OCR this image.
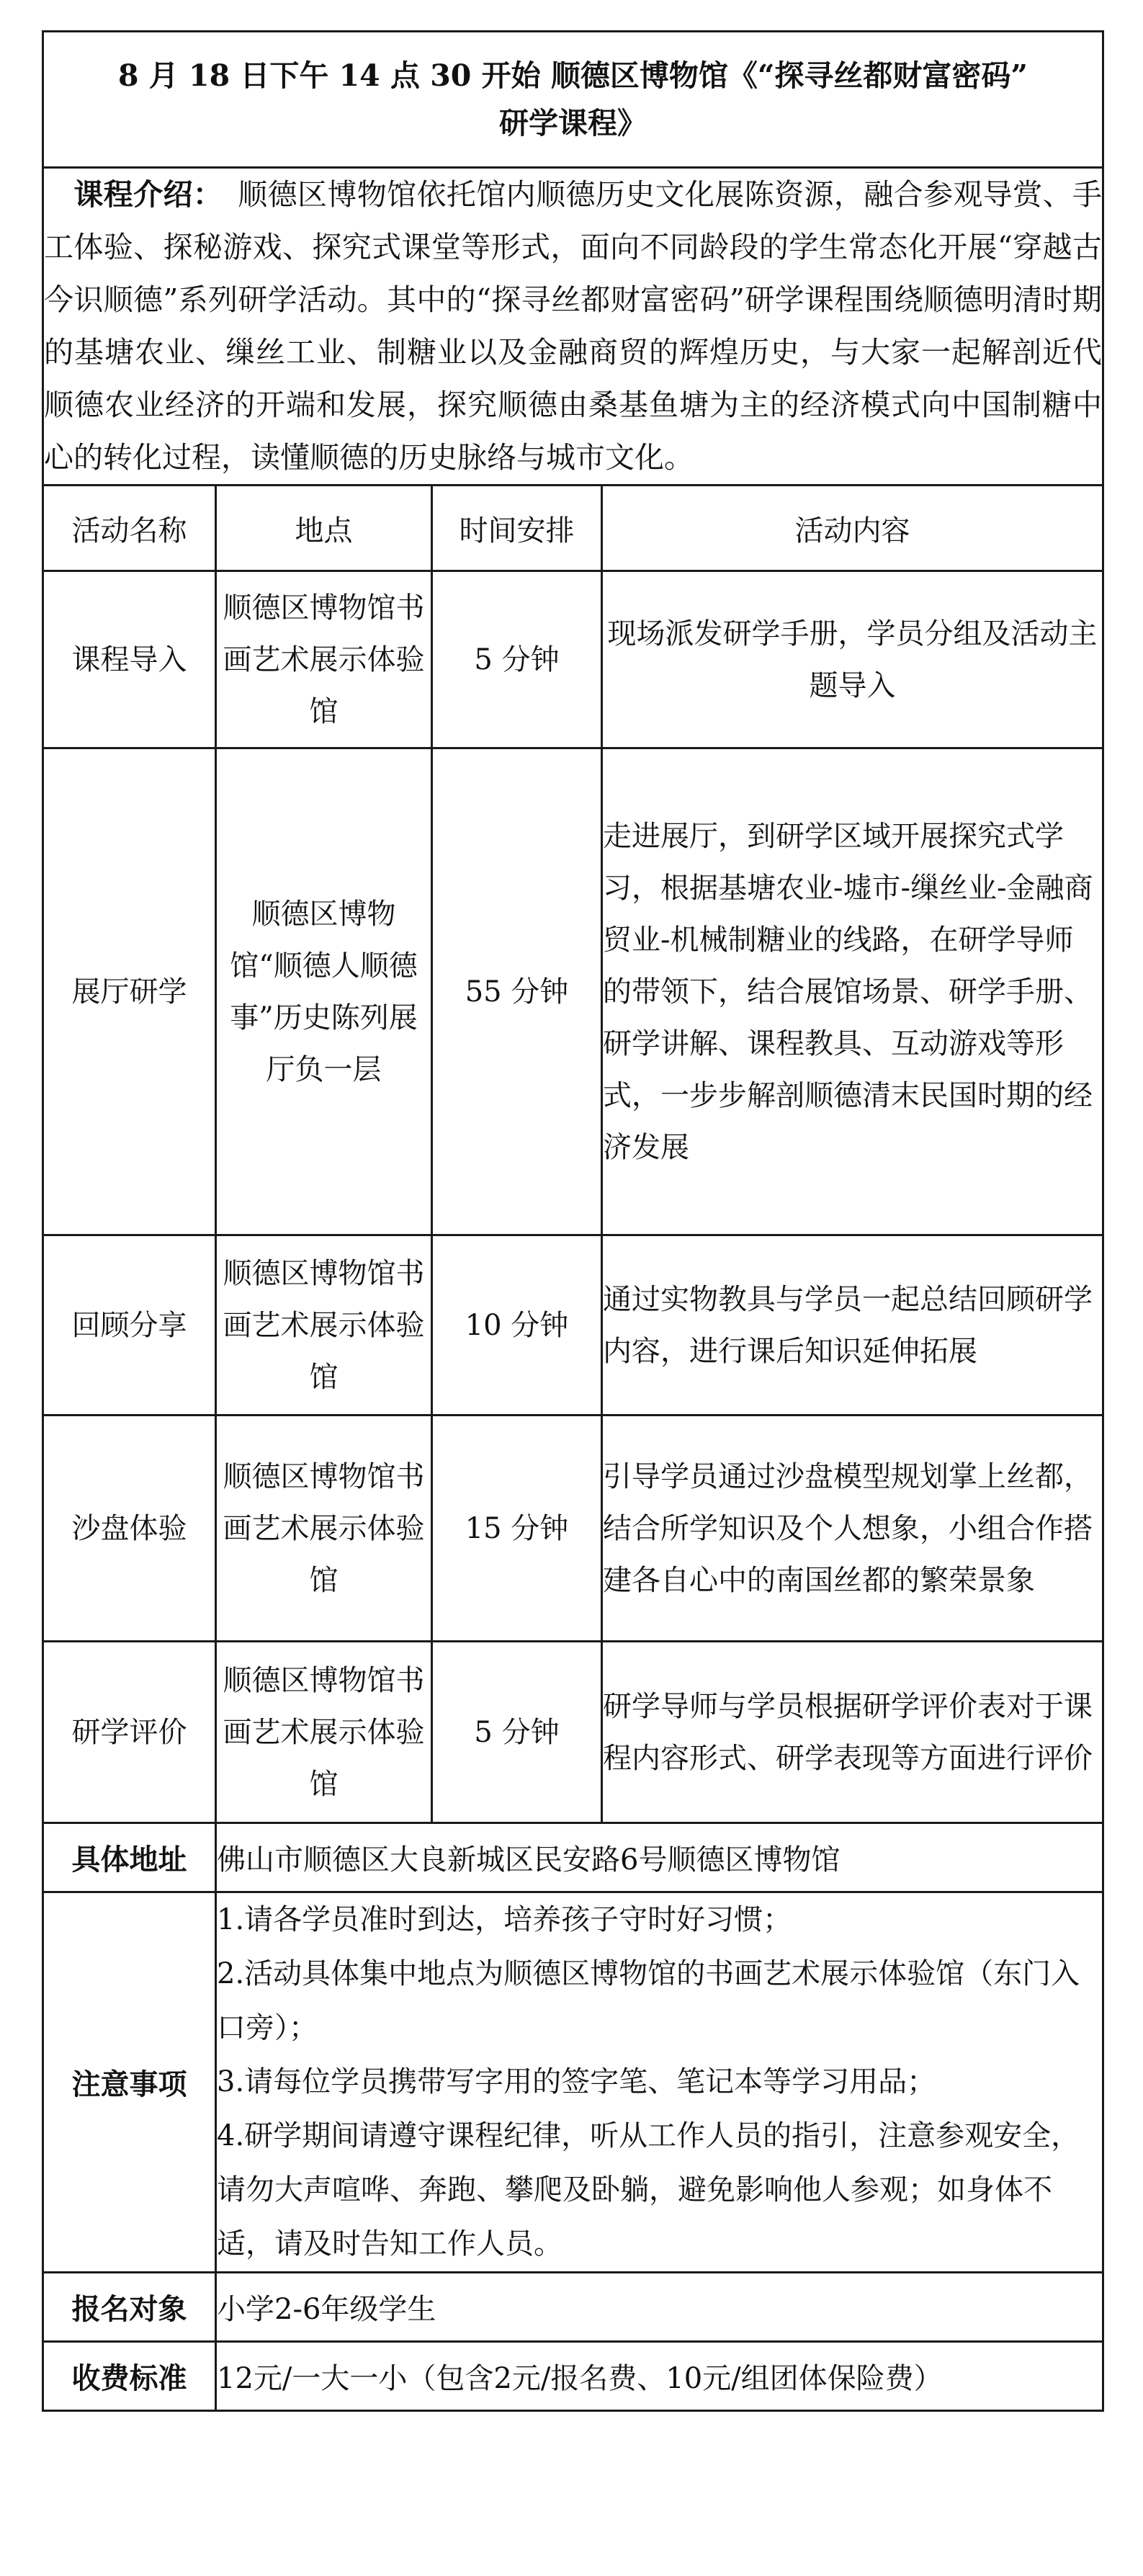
8 月 18 日下午 14 点 30 开始 顺德区博物馆《“探寻丝都财富密码”
研学课程》			
 课程介绍：  顺德区博物馆依托馆内顺德历史文化展陈资源，融合参观导赏、手工体验、探秘游戏、探究式课堂等形式，面向不同龄段的学生常态化开展“穿越古今识顺德”系列研学活动。其中的“探寻丝都财富密码”研学课程围绕顺德明清时期的基塘农业、缫丝工业、制糖业以及金融商贸的辉煌历史，与大家一起解剖近代顺德农业经济的开端和发展，探究顺德由桑基鱼塘为主的经济模式向中国制糖中心的转化过程，读懂顺德的历史脉络与城市文化。			
活动名称	地点	时间安排	活动内容
课程导入	顺德区博物馆书画艺术展示体验馆	5 分钟	现场派发研学手册，学员分组及活动主题导入
展厅研学	顺德区博物馆“顺德人顺德事”历史陈列展厅负一层	55 分钟	走进展厅，到研学区域开展探究式学习，根据基塘农业-墟市-缫丝业-金融商贸业-机械制糖业的线路，在研学导师的带领下，结合展馆场景、研学手册、研学讲解、课程教具、互动游戏等形式，一步步解剖顺德清末民国时期的经济发展
回顾分享	顺德区博物馆书画艺术展示体验馆	10 分钟	通过实物教具与学员一起总结回顾研学内容，进行课后知识延伸拓展
沙盘体验	顺德区博物馆书画艺术展示体验馆	15 分钟	引导学员通过沙盘模型规划掌上丝都，结合所学知识及个人想象，小组合作搭建各自心中的南国丝都的繁荣景象
研学评价	顺德区博物馆书画艺术展示体验馆	5 分钟	研学导师与学员根据研学评价表对于课程内容形式、研学表现等方面进行评价
具体地址	佛山市顺德区大良新城区民安路6号顺德区博物馆		
注意事项	1.请各学员准时到达，培养孩子守时好习惯；
2.活动具体集中地点为顺德区博物馆的书画艺术展示体验馆（东门入口旁）；
3.请每位学员携带写字用的签字笔、笔记本等学习用品；
4.研学期间请遵守课程纪律，听从工作人员的指引，注意参观安全，请勿大声喧哗、奔跑、攀爬及卧躺，避免影响他人参观；如身体不适，请及时告知工作人员。		

报名对象	小学2-6年级学生		
收费标准	12元/一大一小（包含2元/报名费、10元/组团体保险费）		
